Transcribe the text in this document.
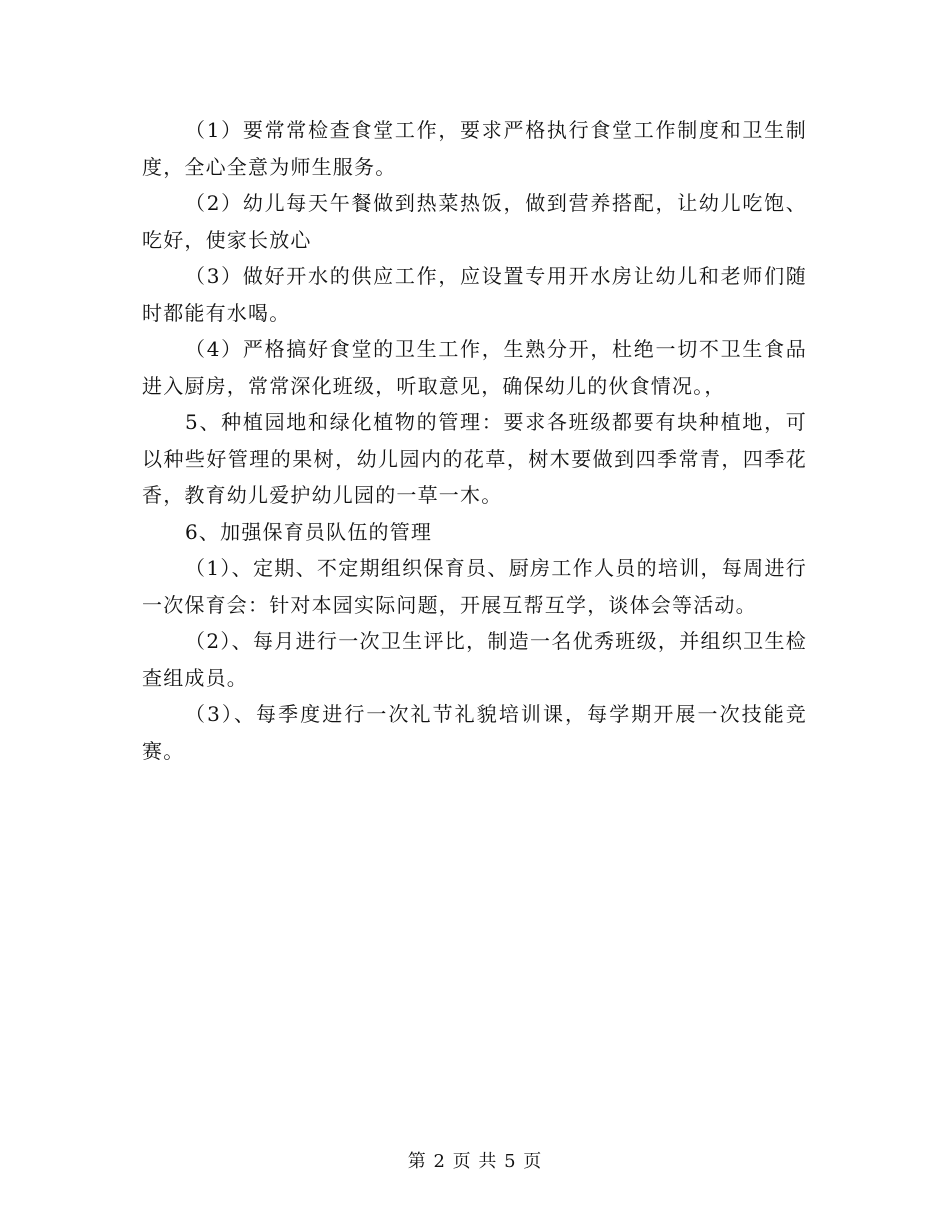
（1）要常常检查食堂工作，要求严格执行食堂工作制度和卫生制度，全心全意为师生服务。

（2）幼儿每天午餐做到热菜热饭，做到营养搭配，让幼儿吃饱、吃好，使家长放心

（3）做好开水的供应工作，应设置专用开水房让幼儿和老师们随时都能有水喝。

（4）严格搞好食堂的卫生工作，生熟分开，杜绝一切不卫生食品进入厨房，常常深化班级，听取意见，确保幼儿的伙食情况。，

5、种植园地和绿化植物的管理：要求各班级都要有块种植地，可以种些好管理的果树，幼儿园内的花草，树木要做到四季常青，四季花香，教育幼儿爱护幼儿园的一草一木。

6、加强保育员队伍的管理

（1）、定期、不定期组织保育员、厨房工作人员的培训，每周进行一次保育会：针对本园实际问题，开展互帮互学，谈体会等活动。

（2）、每月进行一次卫生评比，制造一名优秀班级，并组织卫生检查组成员。

（3）、每季度进行一次礼节礼貌培训课，每学期开展一次技能竞赛。

第 2 页 共 5 页
